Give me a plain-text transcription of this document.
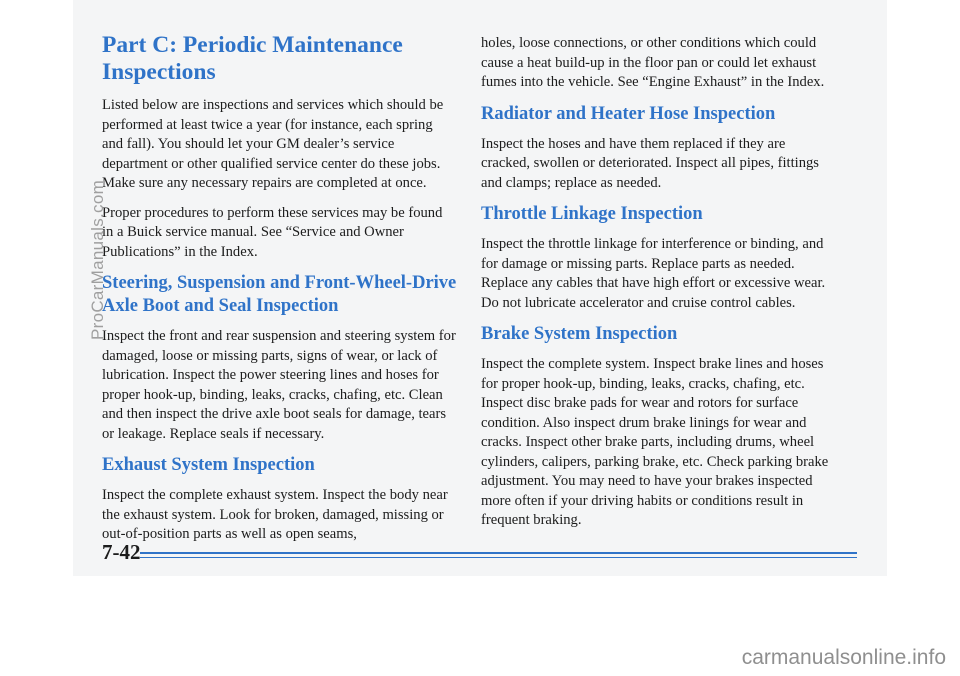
Part C: Periodic Maintenance Inspections

Listed below are inspections and services which should be performed at least twice a year (for instance, each spring and fall). You should let your GM dealer’s service department or other qualified service center do these jobs. Make sure any necessary repairs are completed at once.

Proper procedures to perform these services may be found in a Buick service manual. See “Service and Owner Publications” in the Index.

Steering, Suspension and Front-Wheel-Drive Axle Boot and Seal Inspection

Inspect the front and rear suspension and steering system for damaged, loose or missing parts, signs of wear, or lack of lubrication. Inspect the power steering lines and hoses for proper hook-up, binding, leaks, cracks, chafing, etc. Clean and then inspect the drive axle boot seals for damage, tears or leakage. Replace seals if necessary.

Exhaust System Inspection

Inspect the complete exhaust system. Inspect the body near the exhaust system. Look for broken, damaged, missing or out-of-position parts as well as open seams,

holes, loose connections, or other conditions which could cause a heat build-up in the floor pan or could let exhaust fumes into the vehicle. See “Engine Exhaust” in the Index.

Radiator and Heater Hose Inspection

Inspect the hoses and have them replaced if they are cracked, swollen or deteriorated. Inspect all pipes, fittings and clamps; replace as needed.

Throttle Linkage Inspection

Inspect the throttle linkage for interference or binding, and for damage or missing parts. Replace parts as needed. Replace any cables that have high effort or excessive wear. Do not lubricate accelerator and cruise control cables.

Brake System Inspection

Inspect the complete system. Inspect brake lines and hoses for proper hook-up, binding, leaks, cracks, chafing, etc. Inspect disc brake pads for wear and rotors for surface condition. Also inspect drum brake linings for wear and cracks. Inspect other brake parts, including drums, wheel cylinders, calipers, parking brake, etc. Check parking brake adjustment. You may need to have your brakes inspected more often if your driving habits or conditions result in frequent braking.

7-42
ProCarManuals.com
carmanualsonline.info
